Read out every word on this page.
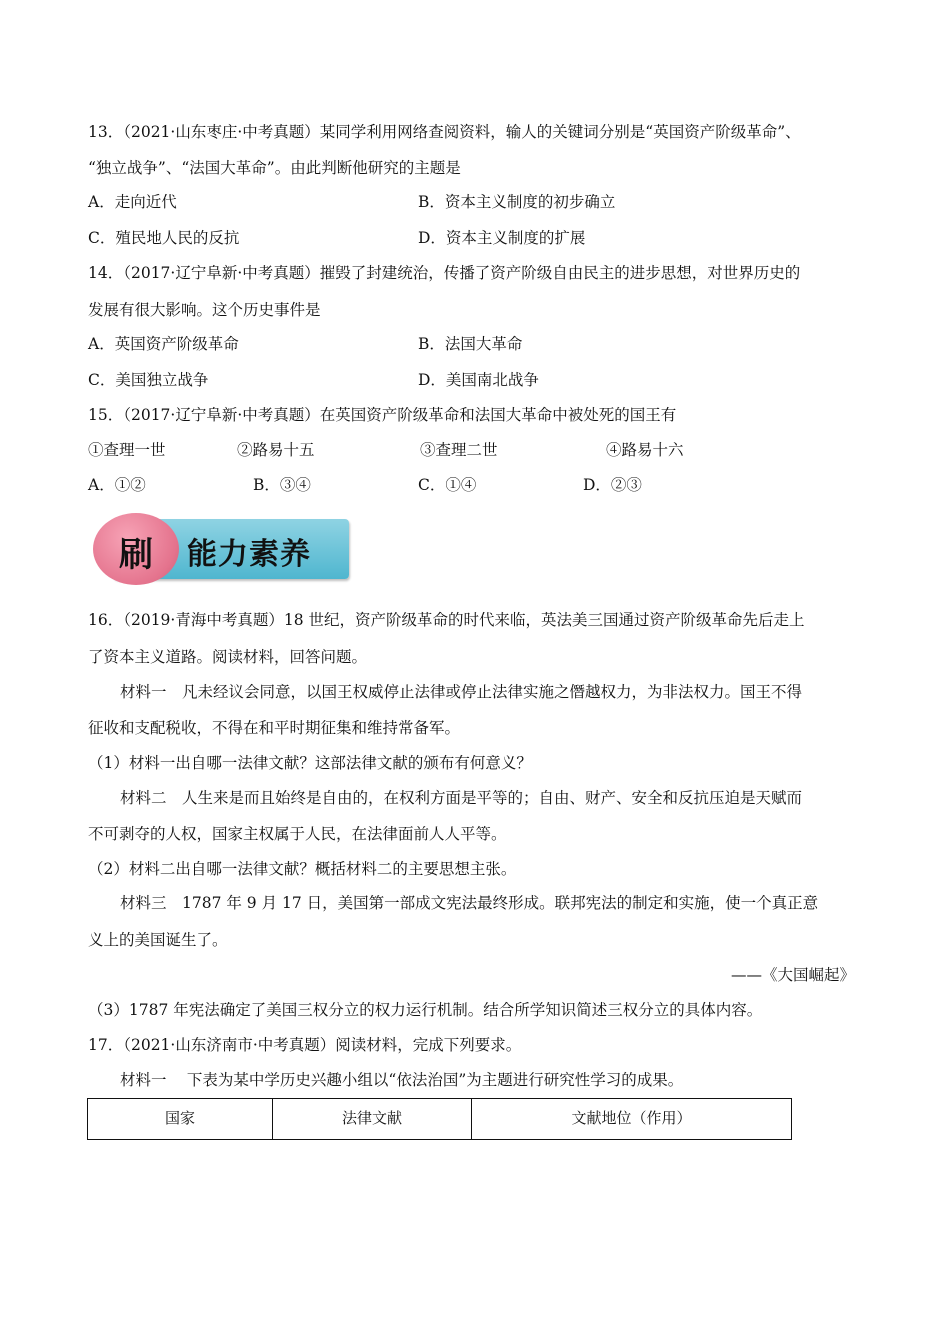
13．（2021·山东枣庄·中考真题）某同学利用网络查阅资料，输人的关键词分别是“英国资产阶级革命”、
“独立战争”、“法国大革命”。由此判断他研究的主题是
A．走向近代	B．资本主义制度的初步确立
C．殖民地人民的反抗	D．资本主义制度的扩展
14．（2017·辽宁阜新·中考真题）摧毁了封建统治，传播了资产阶级自由民主的进步思想，对世界历史的
发展有很大影响。这个历史事件是
A．英国资产阶级革命	B．法国大革命
C．美国独立战争	D．美国南北战争
15．（2017·辽宁阜新·中考真题）在英国资产阶级革命和法国大革命中被处死的国王有
①查理一世	②路易十五	③查理二世	④路易十六
A．①②	B．③④	C．①④	D．②③
刷	能力素养
16．（2019·青海中考真题）18 世纪，资产阶级革命的时代来临，英法美三国通过资产阶级革命先后走上
了资本主义道路。阅读材料，回答问题。
材料一　凡未经议会同意，以国王权威停止法律或停止法律实施之僭越权力，为非法权力。国王不得
征收和支配税收，不得在和平时期征集和维持常备军。
（1）材料一出自哪一法律文献？这部法律文献的颁布有何意义？
材料二　人生来是而且始终是自由的，在权利方面是平等的；自由、财产、安全和反抗压迫是天赋而
不可剥夺的人权，国家主权属于人民，在法律面前人人平等。
（2）材料二出自哪一法律文献？概括材料二的主要思想主张。
材料三　1787 年 9 月 17 日，美国第一部成文宪法最终形成。联邦宪法的制定和实施，使一个真正意
义上的美国诞生了。
——《大国崛起》
（3）1787 年宪法确定了美国三权分立的权力运行机制。结合所学知识简述三权分立的具体内容。
17．（2021·山东济南市·中考真题）阅读材料，完成下列要求。
材料一　 下表为某中学历史兴趣小组以“依法治国”为主题进行研究性学习的成果。
国家	法律文献	文献地位（作用）
